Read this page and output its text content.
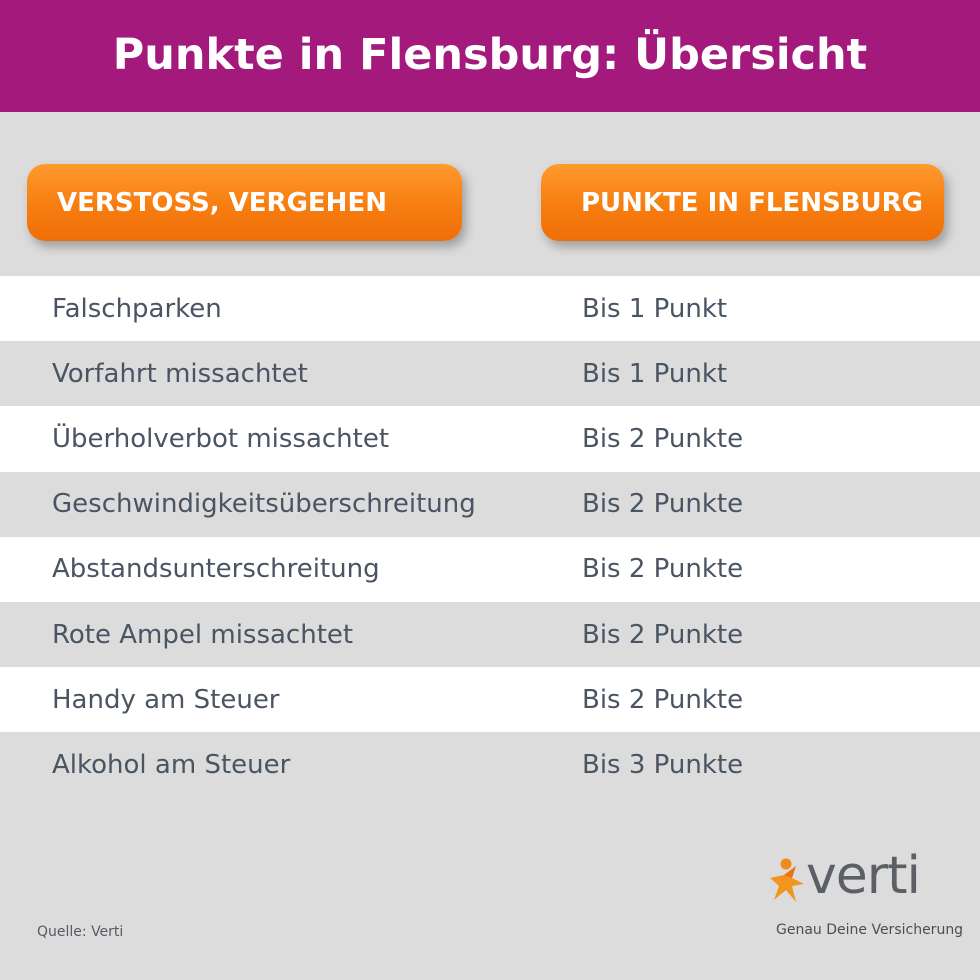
Punkte in Flensburg: Übersicht
VERSTOSS, VERGEHEN	PUNKTE IN FLENSBURG
Falschparken	Bis 1 Punkt
Vorfahrt missachtet	Bis 1 Punkt
Überholverbot missachtet	Bis 2 Punkte
Geschwindigkeitsüberschreitung	Bis 2 Punkte
Abstandsunterschreitung	Bis 2 Punkte
Rote Ampel missachtet	Bis 2 Punkte
Handy am Steuer	Bis 2 Punkte
Alkohol am Steuer	Bis 3 Punkte
Quelle: Verti
verti
Genau Deine Versicherung
